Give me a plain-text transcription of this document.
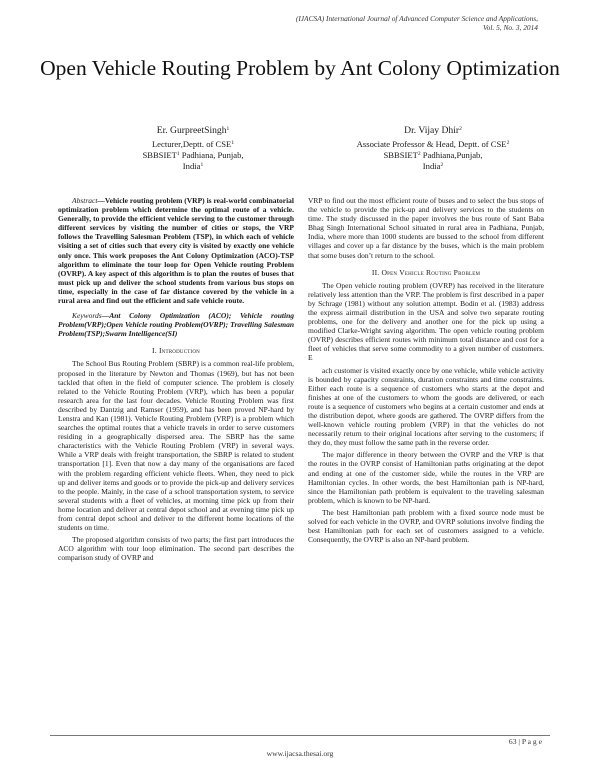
(IJACSA) International Journal of Advanced Computer Science and Applications,
Vol. 5, No. 3, 2014
Open Vehicle Routing Problem by Ant Colony Optimization
Er. GurpreetSingh$^1$
Lecturer,Deptt. of CSE$^1$
SBBSIET$^1$ Padhiana, Punjab,
India$^1$
Dr. Vijay Dhir$^2$
Associate Professor & Head, Deptt. of CSE$^2$
SBBSIET$^2$ Padhiana,Punjab,
India$^2$

Abstract—Vehicle routing problem (VRP) is real-world combinatorial optimization problem which determine the optimal route of a vehicle. Generally, to provide the efficient vehicle serving to the customer through different services by visiting the number of cities or stops, the VRP follows the Travelling Salesman Problem (TSP), in which each of vehicle visiting a set of cities such that every city is visited by exactly one vehicle only once. This work proposes the Ant Colony Optimization (ACO)-TSP algorithm to eliminate the tour loop for Open Vehicle routing Problem (OVRP). A key aspect of this algorithm is to plan the routes of buses that must pick up and deliver the school students from various bus stops on time, especially in the case of far distance covered by the vehicle in a rural area and find out the efficient and safe vehicle route.

Keywords—Ant Colony Optimization (ACO); Vehicle routing Problem(VRP);Open Vehicle routing Problem(OVRP); Travelling Salesman Problem(TSP);Swarm Intelligence(SI)

I. Introduction

The School Bus Routing Problem (SBRP) is a common real-life problem, proposed in the literature by Newton and Thomas (1969), but has not been tackled that often in the field of computer science. The problem is closely related to the Vehicle Routing Problem (VRP), which has been a popular research area for the last four decades. Vehicle Routing Problem was first described by Dantzig and Ramser (1959), and has been proved NP-hard by Lenstra and Kan (1981). Vehicle Routing Problem (VRP) is a problem which searches the optimal routes that a vehicle travels in order to serve customers residing in a geographically dispersed area. The SBRP has the same characteristics with the Vehicle Routing Problem (VRP) in several ways. While a VRP deals with freight transportation, the SBRP is related to student transportation [1]. Even that now a day many of the organisations are faced with the problem regarding efficient vehicle fleets. When, they need to pick up and deliver items and goods or to provide the pick-up and delivery services to the people. Mainly, in the case of a school transportation system, to service several students with a fleet of vehicles, at morning time pick up from their home location and deliver at central depot school and at evening time pick up from central depot school and deliver to the different home locations of the students on time.

The proposed algorithm consists of two parts; the first part introduces the ACO algorithm with tour loop elimination. The second part describes the comparison study of OVRP and

VRP to find out the most efficient route of buses and to select the bus stops of the vehicle to provide the pick-up and delivery services to the students on time. The study discussed in the paper involves the bus route of Sant Baba Bhag Singh International School situated in rural area in Padhiana, Punjab, India, where more than 1000 students are bussed to the school from different villages and cover up a far distance by the buses, which is the main problem that some buses don’t return to the school.

II. Open Vehicle Routing Problem

The Open vehicle routing problem (OVRP) has received in the literature relatively less attention than the VRP. The problem is first described in a paper by Schrage (1981) without any solution attempt. Bodin et al. (1983) address the express airmail distribution in the USA and solve two separate routing problems, one for the delivery and another one for the pick up using a modified Clarke-Wright saving algorithm. The open vehicle routing problem (OVRP) describes efficient routes with minimum total distance and cost for a fleet of vehicles that serve some commodity to a given number of customers. E

ach customer is visited exactly once by one vehicle, while vehicle activity is bounded by capacity constraints, duration constraints and time constraints. Either each route is a sequence of customers who starts at the depot and finishes at one of the customers to whom the goods are delivered, or each route is a sequence of customers who begins at a certain customer and ends at the distribution depot, where goods are gathered. The OVRP differs from the well-known vehicle routing problem (VRP) in that the vehicles do not necessarily return to their original locations after serving to the customers; if they do, they must follow the same path in the reverse order.

The major difference in theory between the OVRP and the VRP is that the routes in the OVRP consist of Hamiltonian paths originating at the depot and ending at one of the customer side, while the routes in the VRP are Hamiltonian cycles. In other words, the best Hamiltonian path is NP-hard, since the Hamiltonian path problem is equivalent to the traveling salesman problem, which is known to be NP-hard.

The best Hamiltonian path problem with a fixed source node must be solved for each vehicle in the OVRP, and OVRP solutions involve finding the best Hamiltonian path for each set of customers assigned to a vehicle. Consequently, the OVRP is also an NP-hard problem.

63 | P a g e
www.ijacsa.thesai.org
